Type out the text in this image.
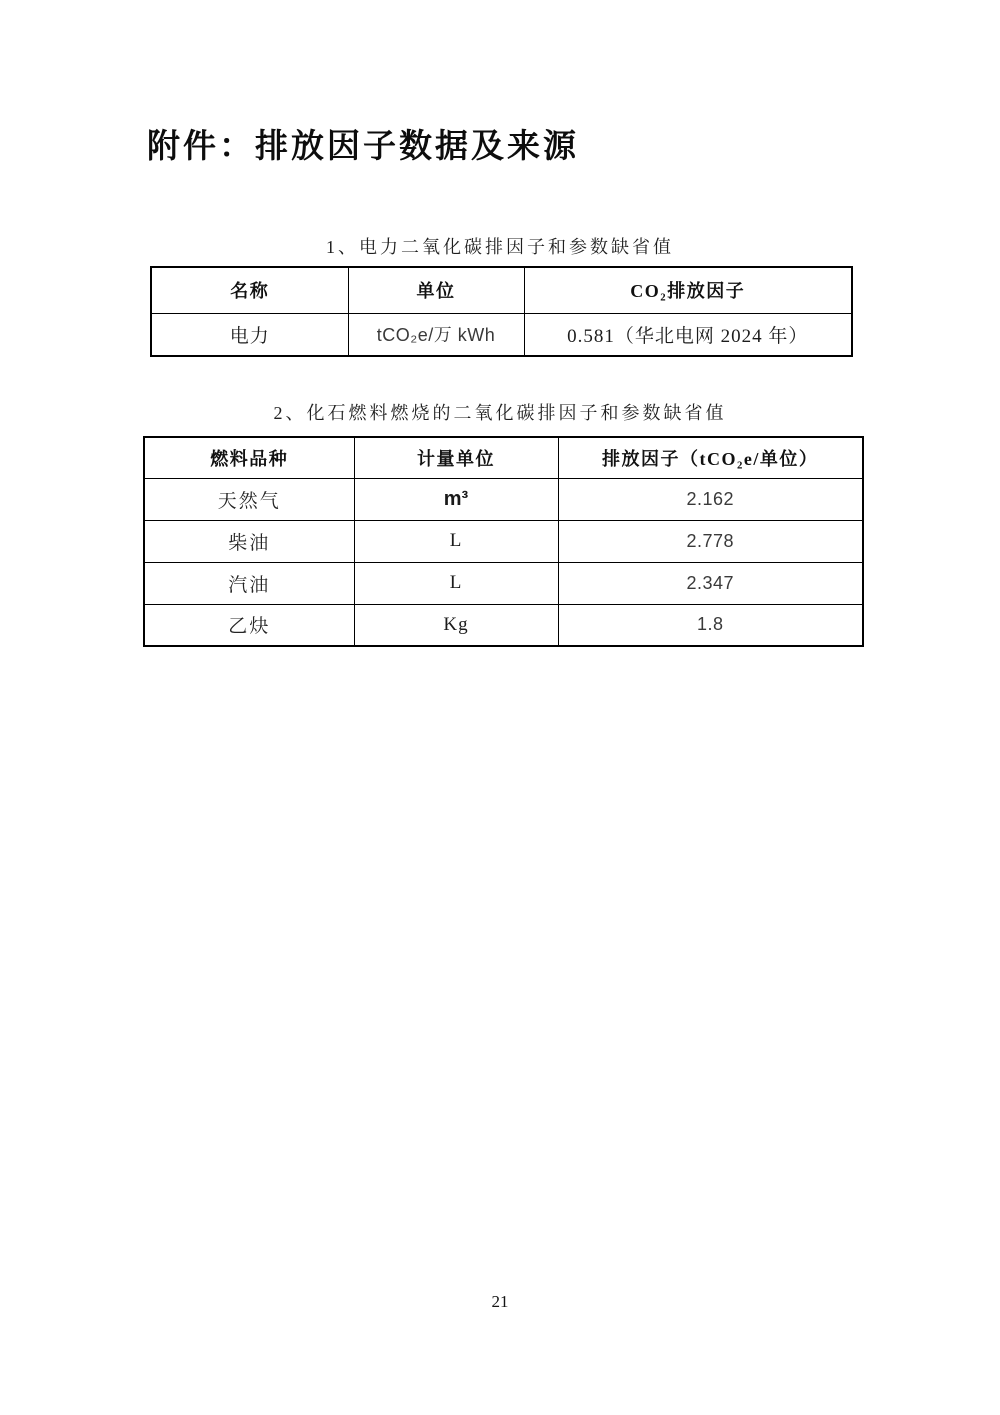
附件：排放因子数据及来源
1、电力二氧化碳排因子和参数缺省值
名称	单位	CO₂排放因子
电力	tCO₂e/万 kWh	0.581（华北电网 2024 年）
2、化石燃料燃烧的二氧化碳排因子和参数缺省值
燃料品种	计量单位	排放因子（tCO₂e/单位）
天然气	m³	2.162
柴油	L	2.778
汽油	L	2.347
乙炔	Kg	1.8
21
